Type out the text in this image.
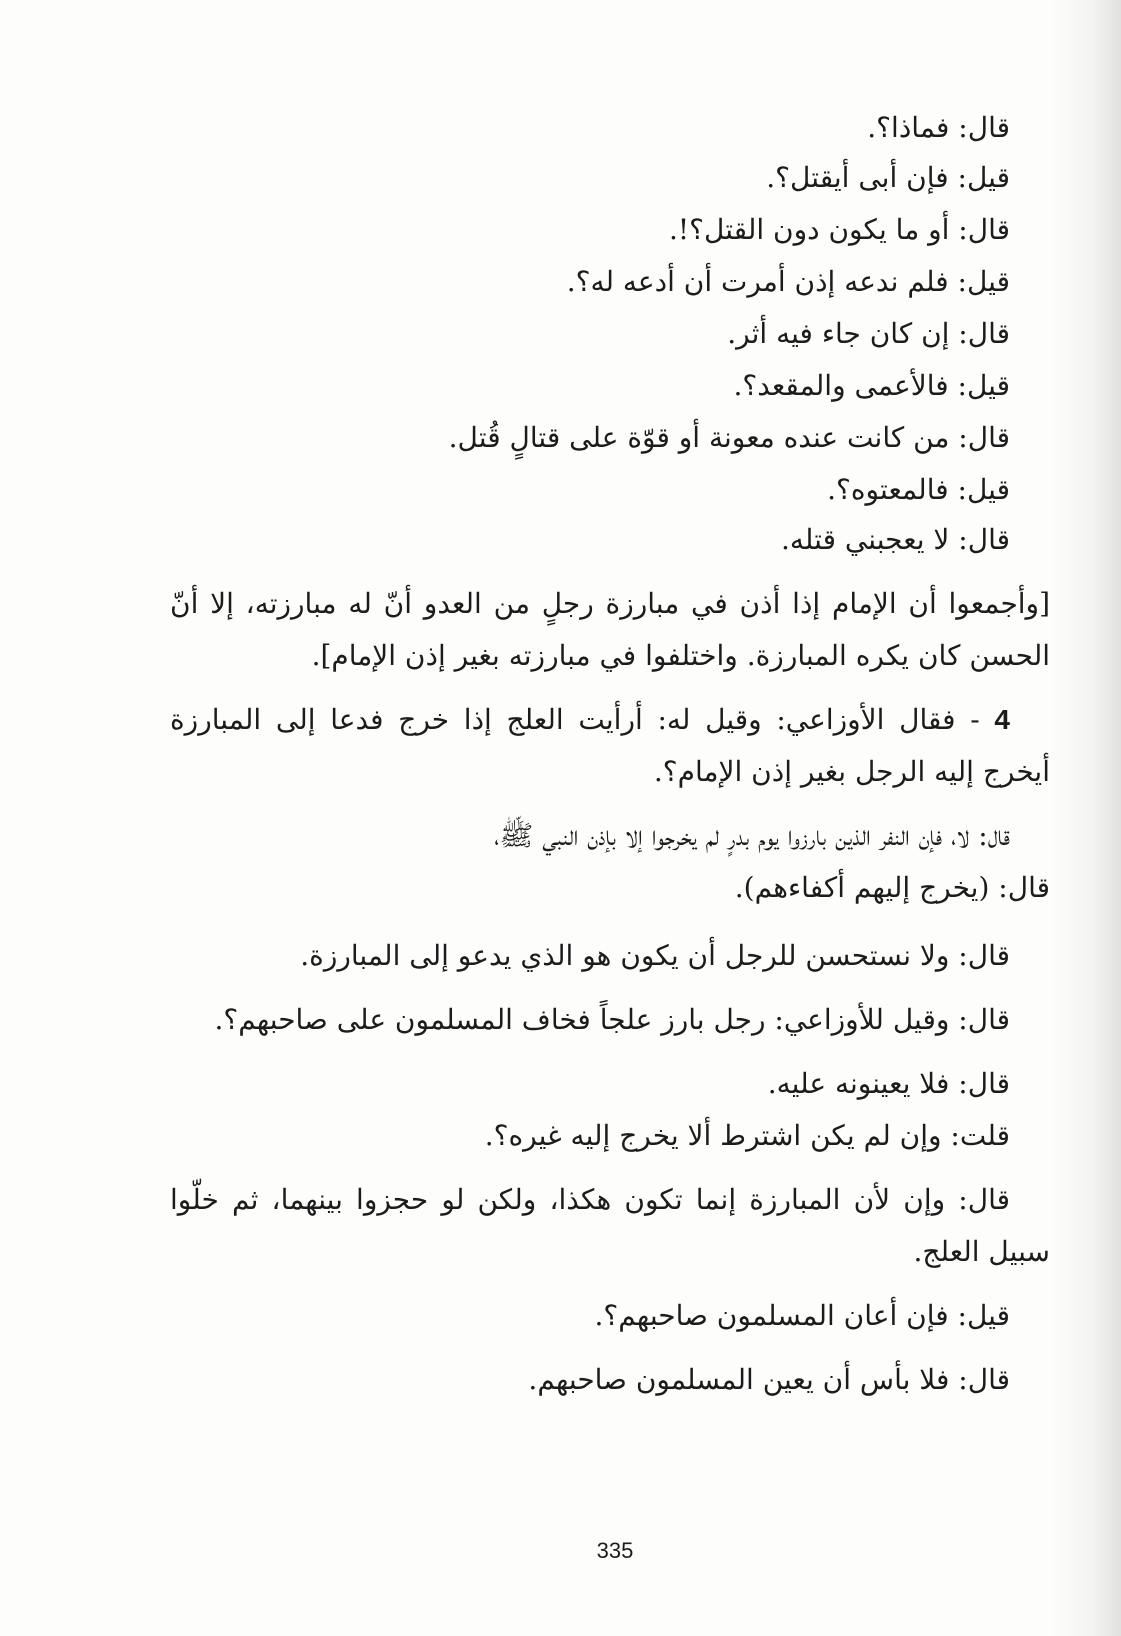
قال: فماذا؟.
قيل: فإن أبى أيقتل؟.
قال: أو ما يكون دون القتل؟!.
قيل: فلم ندعه إذن أمرت أن أدعه له؟.
قال: إن كان جاء فيه أثر.
قيل: فالأعمى والمقعد؟.
قال: من كانت عنده معونة أو قوّة على قتالٍ قُتل.
قيل: فالمعتوه؟.
قال: لا يعجبني قتله.
[وأجمعوا أن الإمام إذا أذن في مبارزة رجلٍ من العدو أنّ له مبارزته، إلا أنّ
الحسن كان يكره المبارزة. واختلفوا في مبارزته بغير إذن الإمام].
4 - فقال الأوزاعي: وقيل له: أرأيت العلج إذا خرج فدعا إلى المبارزة
أيخرج إليه الرجل بغير إذن الإمام؟.
قال: لا، فإن النفر الذين بارزوا يوم بدرٍ لم يخرجوا إلا بإذن النبي ﷺ،
قال: (يخرج إليهم أكفاءهم).
قال: ولا نستحسن للرجل أن يكون هو الذي يدعو إلى المبارزة.
قال: وقيل للأوزاعي: رجل بارز علجاً فخاف المسلمون على صاحبهم؟.
قال: فلا يعينونه عليه.
قلت: وإن لم يكن اشترط ألا يخرج إليه غيره؟.
قال: وإن لأن المبارزة إنما تكون هكذا، ولكن لو حجزوا بينهما، ثم خلّوا
سبيل العلج.
قيل: فإن أعان المسلمون صاحبهم؟.
قال: فلا بأس أن يعين المسلمون صاحبهم.
335
